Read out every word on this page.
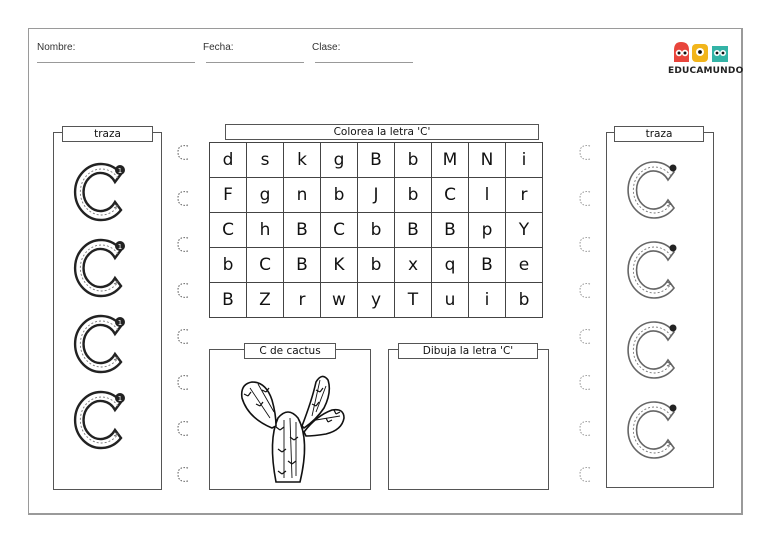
Nombre:	Fecha:	Clase:
EDUCAMUNDO
traza
1
1
1
1
traza
Colorea la letra 'C'
d	s	k	g	B	b	M	N	i
F	g	n	b	J	b	C	l	r
C	h	B	C	b	B	B	p	Y
b	C	B	K	b	x	q	B	e
B	Z	r	w	y	T	u	i	b
C de cactus	Dibuja la letra 'C'
